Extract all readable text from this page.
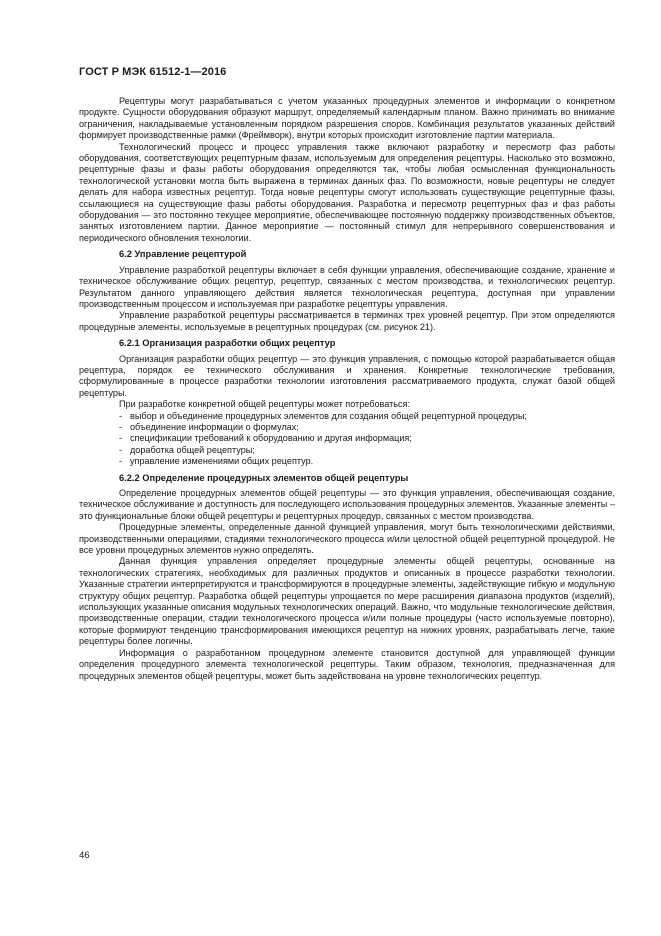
ГОСТ Р МЭК 61512-1—2016

Рецептуры могут разрабатываться с учетом указанных процедурных элементов и информации о конкретном продукте. Сущности оборудования образуют маршрут, определяемый календарным планом. Важно принимать во внимание ограничения, накладываемые установленным порядком разрешения споров. Комбинация результатов указанных действий формирует производственные рамки (Фреймворк), внутри которых происходит изготовление партии материала.

Технологический процесс и процесс управления также включают разработку и пересмотр фаз работы оборудования, соответствующих рецептурным фазам, используемым для определения рецептуры. Насколько это возможно, рецептурные фазы и фазы работы оборудования определяются так, чтобы любая осмысленная функциональность технологической установки могла быть выражена в терминах данных фаз. По возможности, новые рецептуры не следует делать для набора известных рецептур. Тогда новые рецептуры смогут использовать существующие рецептурные фазы, ссылающиеся на существующие фазы работы оборудования. Разработка и пересмотр рецептурных фаз и фаз работы оборудования — это постоянно текущее мероприятие, обеспечивающее постоянную поддержку производственных объектов, занятых изготовлением партии. Данное мероприятие — постоянный стимул для непрерывного совершенствования и периодического обновления технологии.

6.2 Управление рецептурой

Управление разработкой рецептуры включает в себя функции управления, обеспечивающие создание, хранение и техническое обслуживание общих рецептур, рецептур, связанных с местом производства, и технологических рецептур. Результатом данного управляющего действия является технологическая рецептура, доступная при управлении производственным процессом и используемая при разработке рецептуры управления.

Управление разработкой рецептуры рассматривается в терминах трех уровней рецептур. При этом определяются процедурные элементы, используемые в рецептурных процедурах (см. рисунок 21).

6.2.1 Организация разработки общих рецептур

Организация разработки общих рецептур — это функция управления, с помощью которой разрабатывается общая рецептура, порядок ее технического обслуживания и хранения. Конкретные технологические требования, сформулированные в процессе разработки технологии изготовления рассматриваемого продукта, служат базой общей рецептуры.

При разработке конкретной общей рецептуры может потребоваться:

- выбор и объединение процедурных элементов для создания общей рецептурной процедуры;
- объединение информации о формулах;
- спецификации требований к оборудованию и другая информация;
- доработка общей рецептуры;
- управление изменениями общих рецептур.
6.2.2 Определение процедурных элементов общей рецептуры

Определение процедурных элементов общей рецептуры — это функция управления, обеспечивающая создание, техническое обслуживание и доступность для последующего использования процедурных элементов. Указанные элементы – это функциональные блоки общей рецептуры и рецептурных процедур, связанных с местом производства.

Процедурные элементы, определенные данной функцией управления, могут быть технологическими действиями, производственными операциями, стадиями технологического процесса и/или целостной общей рецептурной процедурой. Не все уровни процедурных элементов нужно определять.

Данная функция управления определяет процедурные элементы общей рецептуры, основанные на технологических стратегиях, необходимых для различных продуктов и описанных в процессе разработки технологии. Указанные стратегии интерпретируются и трансформируются в процедурные элементы, задействующие гибкую и модульную структуру общих рецептур. Разработка общей рецептуры упрощается по мере расширения диапазона продуктов (изделий), использующих указанные описания модульных технологических операций. Важно, что модульные технологические действия, производственные операции, стадии технологического процесса и/или полные процедуры (часто используемые повторно), которые формируют тенденцию трансформирования имеющихся рецептур на нижних уровнях, разрабатывать легче, такие рецептуры более логичны.

Информация о разработанном процедурном элементе становится доступной для управляющей функции определения процедурного элемента технологической рецептуры. Таким образом, технология, предназначенная для процедурных элементов общей рецептуры, может быть задействована на уровне технологических рецептур.

46
